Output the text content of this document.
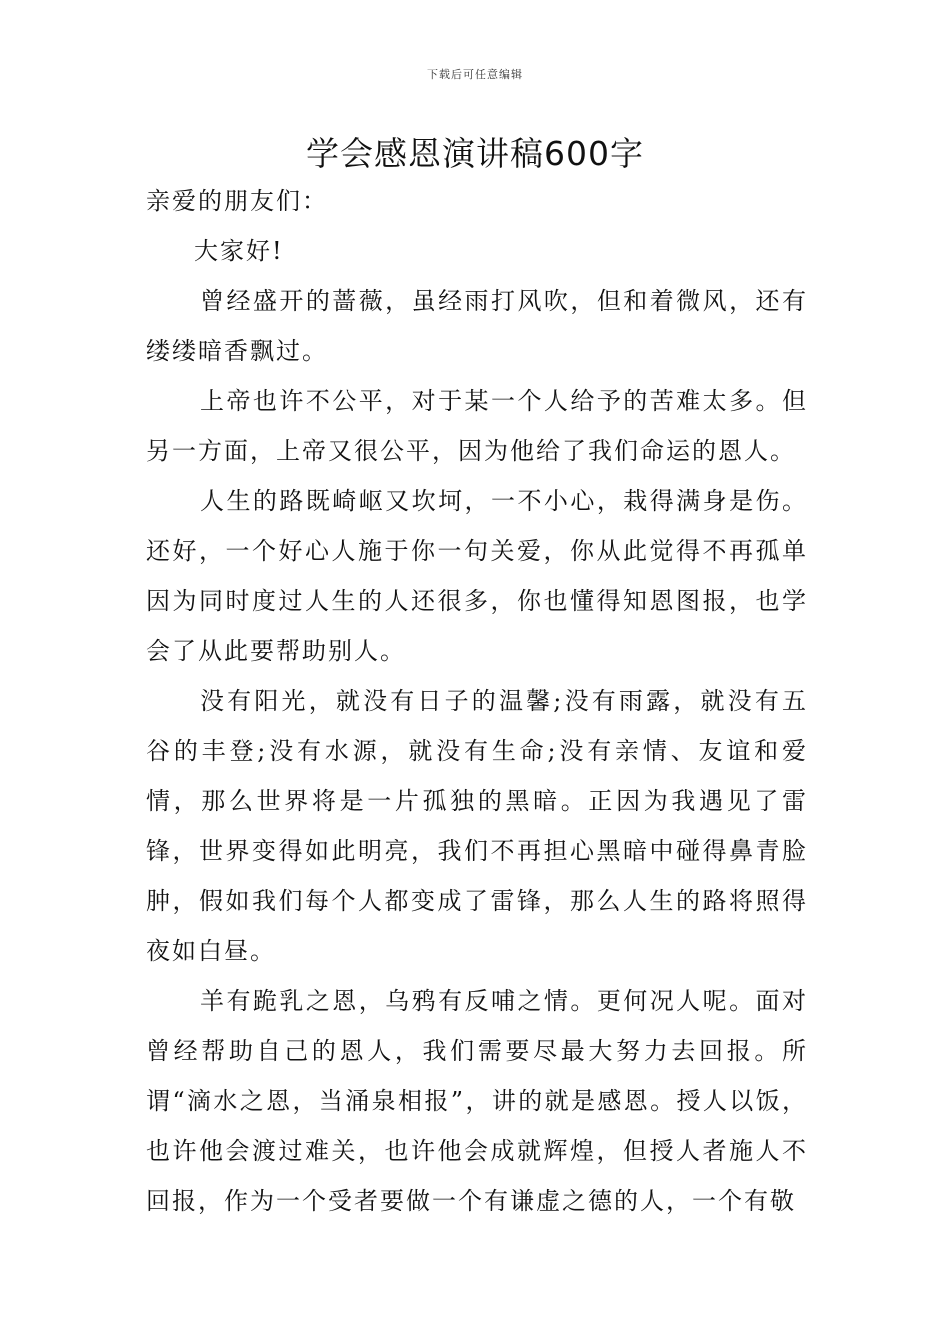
下载后可任意编辑
学会感恩演讲稿600字

亲爱的朋友们：

大家好!

曾经盛开的蔷薇，虽经雨打风吹，但和着微风，还有缕缕暗香飘过。

上帝也许不公平，对于某一个人给予的苦难太多。但另一方面，上帝又很公平，因为他给了我们命运的恩人。

人生的路既崎岖又坎坷，一不小心，栽得满身是伤。还好，一个好心人施于你一句关爱，你从此觉得不再孤单因为同时度过人生的人还很多，你也懂得知恩图报，也学会了从此要帮助别人。

没有阳光，就没有日子的温馨;没有雨露，就没有五谷的丰登;没有水源，就没有生命;没有亲情、友谊和爱情，那么世界将是一片孤独的黑暗。正因为我遇见了雷锋，世界变得如此明亮，我们不再担心黑暗中碰得鼻青脸肿，假如我们每个人都变成了雷锋，那么人生的路将照得夜如白昼。

羊有跪乳之恩，乌鸦有反哺之情。更何况人呢。面对曾经帮助自己的恩人，我们需要尽最大努力去回报。所谓“滴水之恩，当涌泉相报”，讲的就是感恩。授人以饭，也许他会渡过难关，也许他会成就辉煌，但授人者施人不回报，作为一个受者要做一个有谦虚之德的人，一个有敬
